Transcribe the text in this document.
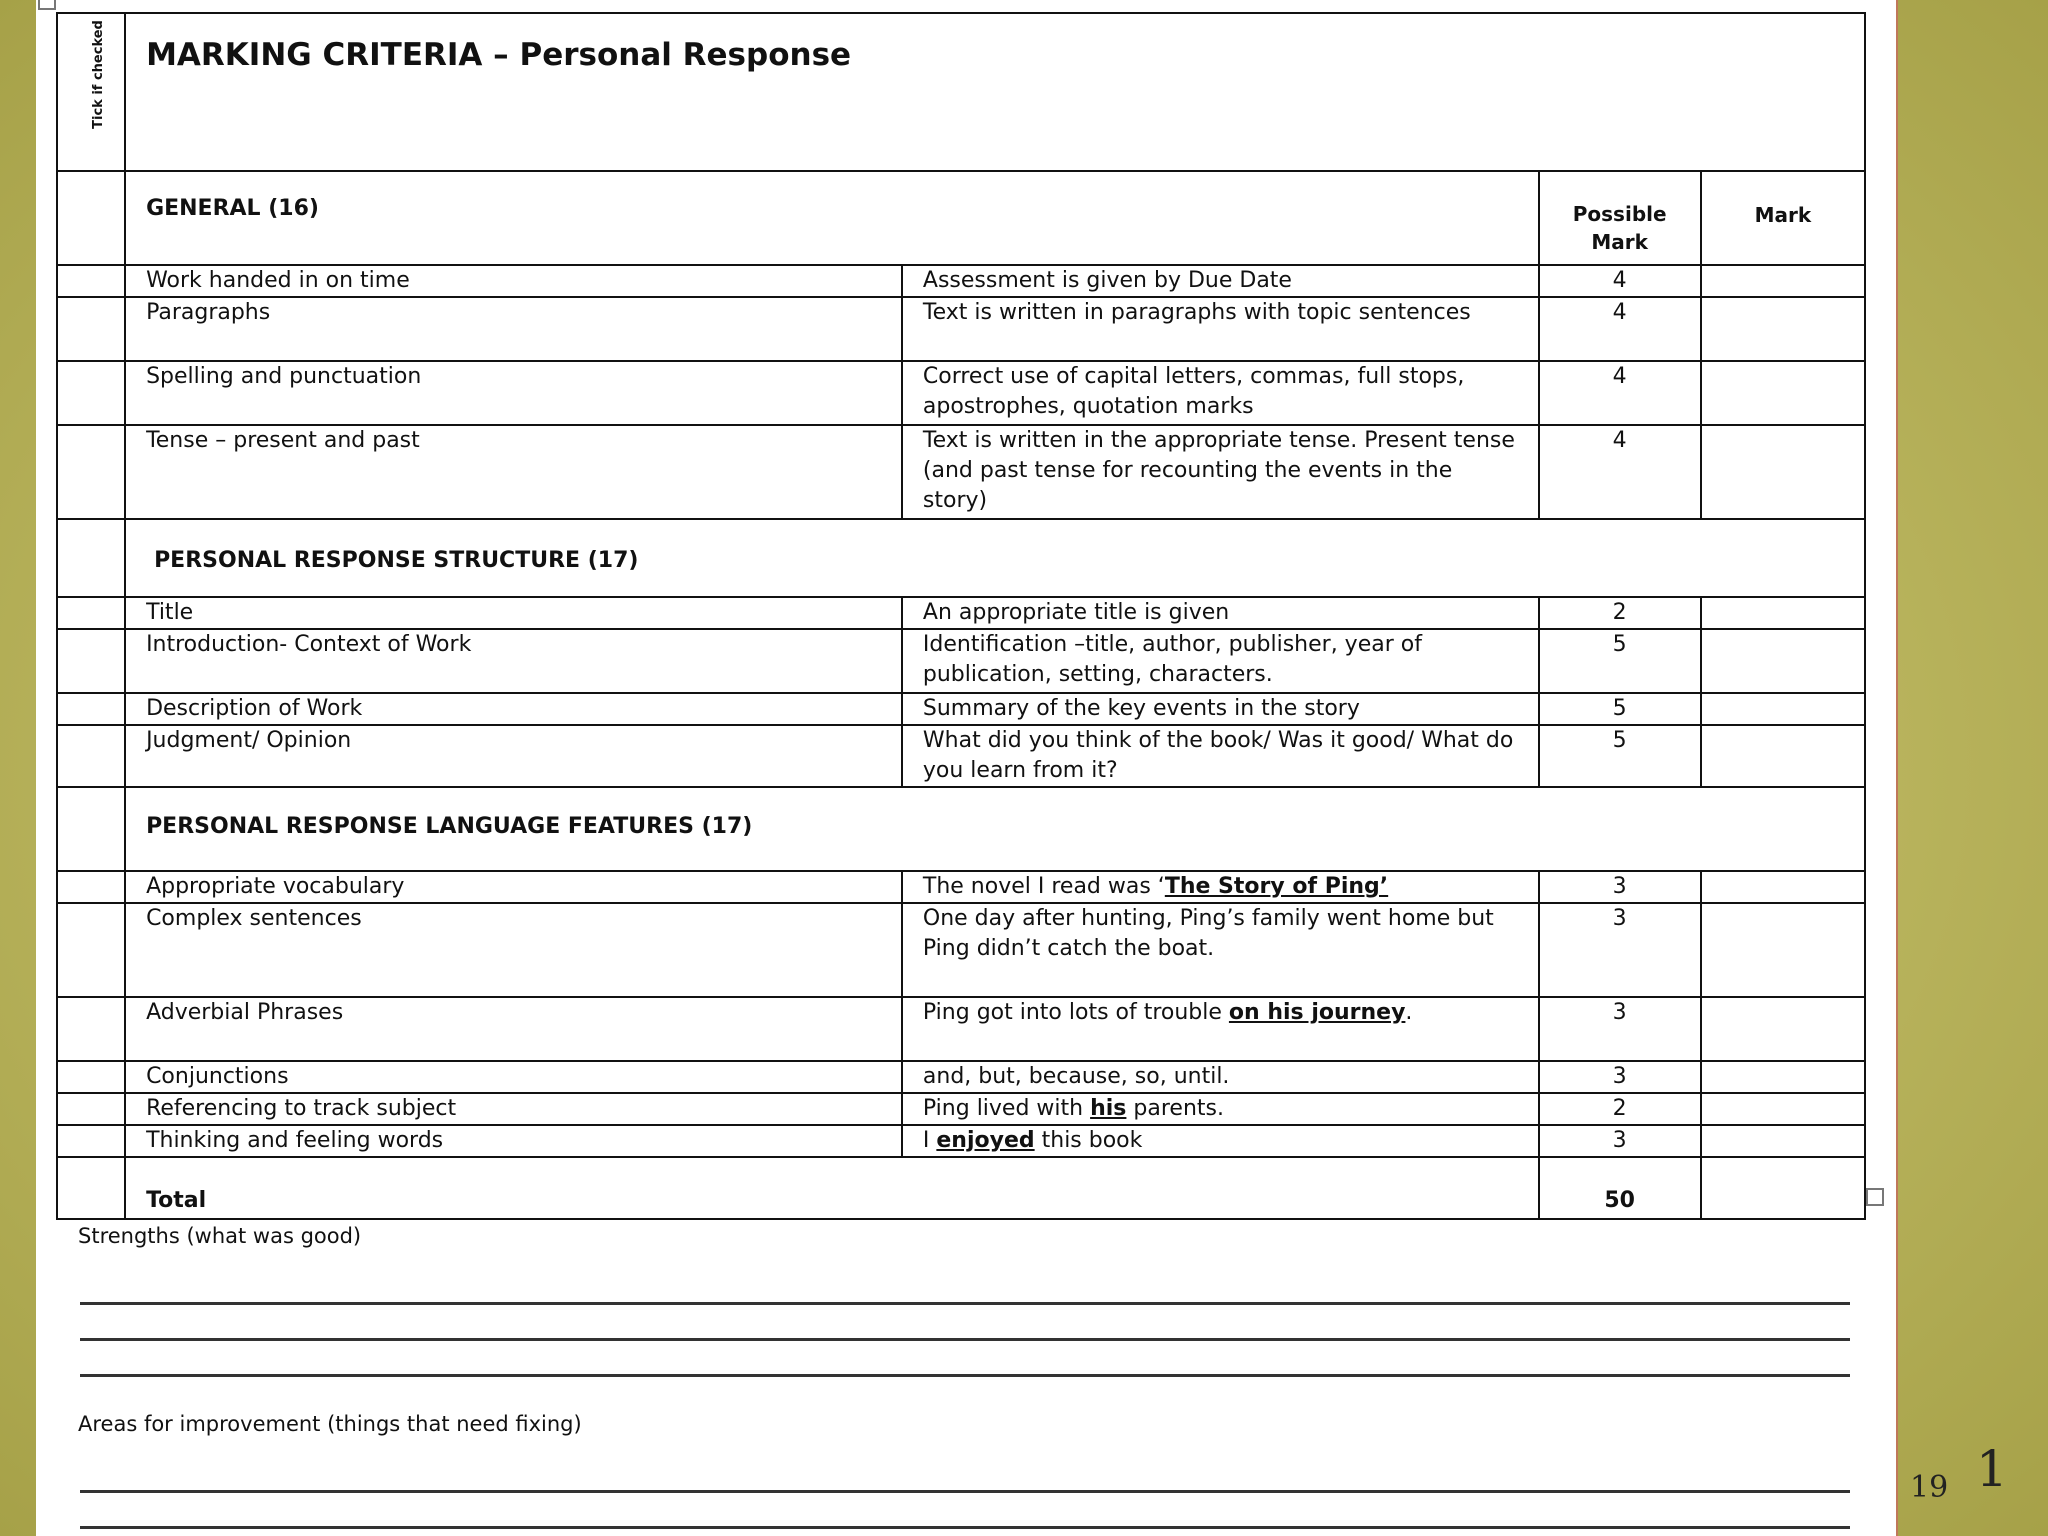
	MARKING CRITERIA – Personal Response			
	GENERAL (16)		Possible Mark	Mark
	Work handed in on time	Assessment is given by Due Date	4	
	Paragraphs	Text is written in paragraphs with topic sentences	4	
	Spelling and punctuation	Correct use of capital letters, commas, full stops, apostrophes, quotation marks	4	
	Tense – present and past	Text is written in the appropriate tense. Present tense (and past tense for recounting the events in the story)	4	
	PERSONAL RESPONSE STRUCTURE (17)			
	Title	An appropriate title is given	2	
	Introduction- Context of Work	Identification –title, author, publisher, year of publication, setting, characters.	5	
	Description of Work	Summary of the key events in the story	5	
	Judgment/ Opinion	What did you think of the book/ Was it good/ What do you learn from it?	5	
	PERSONAL RESPONSE LANGUAGE FEATURES (17)			
	Appropriate vocabulary	The novel I read was ‘The Story of Ping’	3	
	Complex sentences	One day after hunting, Ping’s family went home but Ping didn’t catch the boat.	3	
	Adverbial Phrases	Ping got into lots of trouble on his journey.	3	
	Conjunctions	and, but, because, so, until.	3	
	Referencing to track subject	Ping lived with his parents.	2	
	Thinking and feeling words	I enjoyed this book	3	
	Total		50	
Tick if checked
Strengths (what was good)
Areas for improvement (things that need fixing)
19 1
